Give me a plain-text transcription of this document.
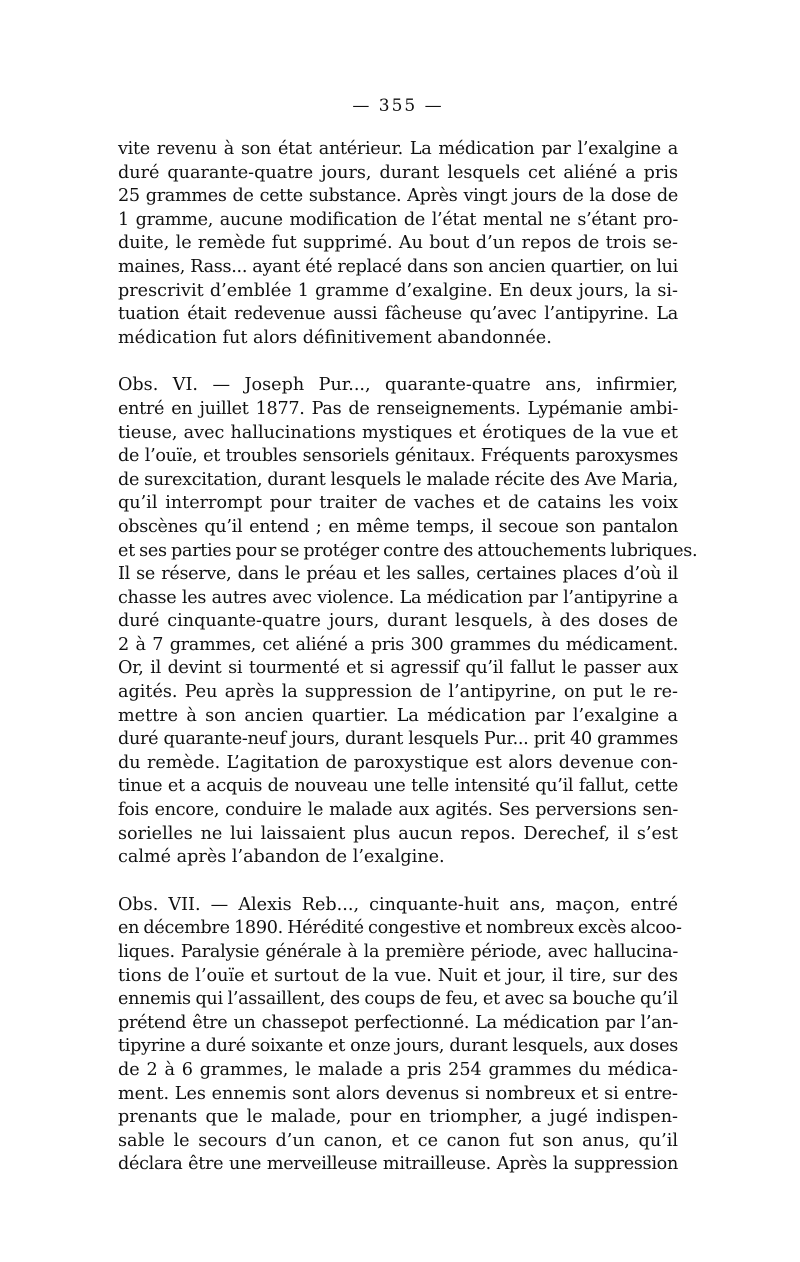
— 355 —
vite revenu à son état antérieur. La médication par l’exalgine a
duré quarante-quatre jours, durant lesquels cet aliéné a pris
25 grammes de cette substance. Après vingt jours de la dose de
1 gramme, aucune modification de l’état mental ne s’étant pro-
duite, le remède fut supprimé. Au bout d’un repos de trois se-
maines, Rass... ayant été replacé dans son ancien quartier, on lui
prescrivit d’emblée 1 gramme d’exalgine. En deux jours, la si-
tuation était redevenue aussi fâcheuse qu’avec l’antipyrine. La
médication fut alors définitivement abandonnée.
Obs. VI. — Joseph Pur..., quarante-quatre ans, infirmier,
entré en juillet 1877. Pas de renseignements. Lypémanie ambi-
tieuse, avec hallucinations mystiques et érotiques de la vue et
de l’ouïe, et troubles sensoriels génitaux. Fréquents paroxysmes
de surexcitation, durant lesquels le malade récite des Ave Maria,
qu’il interrompt pour traiter de vaches et de catains les voix
obscènes qu’il entend ; en même temps, il secoue son pantalon
et ses parties pour se protéger contre des attouchements lubriques.
Il se réserve, dans le préau et les salles, certaines places d’où il
chasse les autres avec violence. La médication par l’antipyrine a
duré cinquante-quatre jours, durant lesquels, à des doses de
2 à 7 grammes, cet aliéné a pris 300 grammes du médicament.
Or, il devint si tourmenté et si agressif qu’il fallut le passer aux
agités. Peu après la suppression de l’antipyrine, on put le re-
mettre à son ancien quartier. La médication par l’exalgine a
duré quarante-neuf jours, durant lesquels Pur... prit 40 grammes
du remède. L’agitation de paroxystique est alors devenue con-
tinue et a acquis de nouveau une telle intensité qu’il fallut, cette
fois encore, conduire le malade aux agités. Ses perversions sen-
sorielles ne lui laissaient plus aucun repos. Derechef, il s’est
calmé après l’abandon de l’exalgine.
Obs. VII. — Alexis Reb..., cinquante-huit ans, maçon, entré
en décembre 1890. Hérédité congestive et nombreux excès alcoo-
liques. Paralysie générale à la première période, avec hallucina-
tions de l’ouïe et surtout de la vue. Nuit et jour, il tire, sur des
ennemis qui l’assaillent, des coups de feu, et avec sa bouche qu’il
prétend être un chassepot perfectionné. La médication par l’an-
tipyrine a duré soixante et onze jours, durant lesquels, aux doses
de 2 à 6 grammes, le malade a pris 254 grammes du médica-
ment. Les ennemis sont alors devenus si nombreux et si entre-
prenants que le malade, pour en triompher, a jugé indispen-
sable le secours d’un canon, et ce canon fut son anus, qu’il
déclara être une merveilleuse mitrailleuse. Après la suppression
